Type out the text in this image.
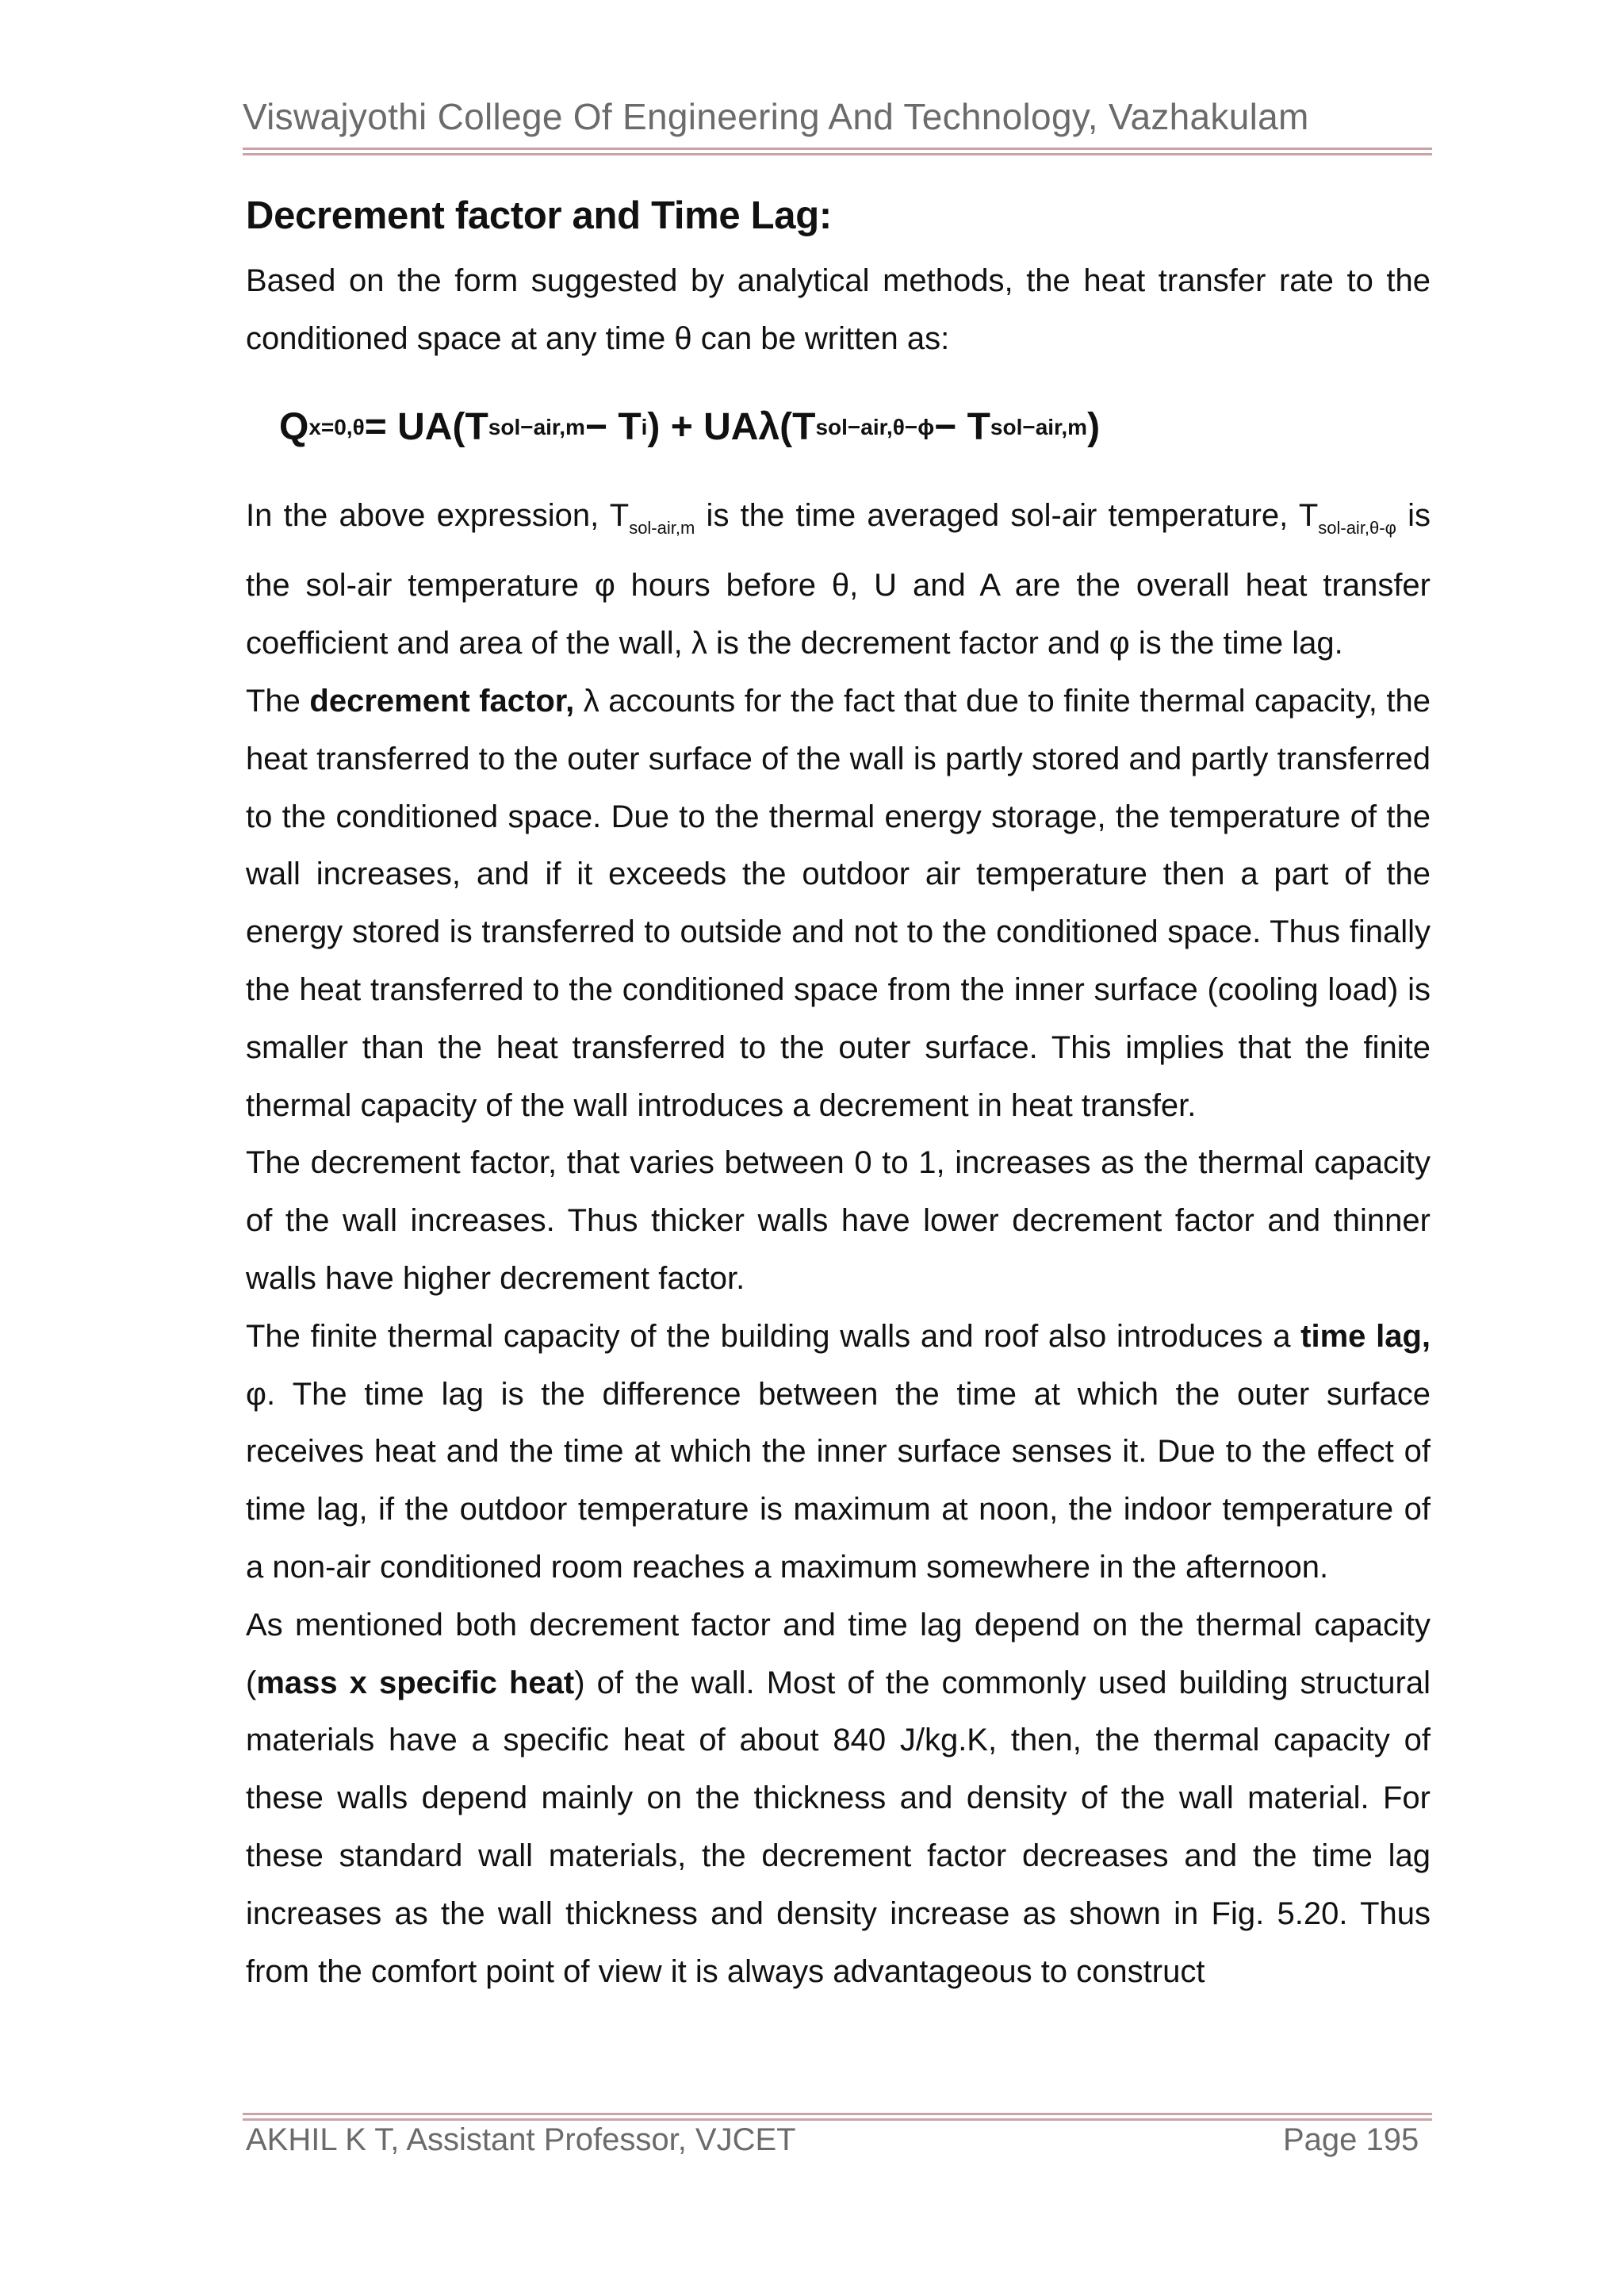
Viswajyothi College Of Engineering And Technology, Vazhakulam
Decrement factor and Time Lag:

Based on the form suggested by analytical methods, the heat transfer rate to the conditioned space at any time θ can be written as:

Q x=0,θ = UA(T sol−air,m − T i ) + UAλ(T sol−air,θ−ϕ − T sol−air,m )

In the above expression, $T_{sol-air,m}$ is the time averaged sol-air temperature, $T_{sol-air,\theta-\varphi}$ is the sol-air temperature φ hours before θ, U and A are the overall heat transfer coefficient and area of the wall, λ is the decrement factor and φ is the time lag.

The decrement factor, λ accounts for the fact that due to finite thermal capacity, the heat transferred to the outer surface of the wall is partly stored and partly transferred to the conditioned space. Due to the thermal energy storage, the temperature of the wall increases, and if it exceeds the outdoor air temperature then a part of the energy stored is transferred to outside and not to the conditioned space. Thus finally the heat transferred to the conditioned space from the inner surface (cooling load) is smaller than the heat transferred to the outer surface. This implies that the finite thermal capacity of the wall introduces a decrement in heat transfer.

The decrement factor, that varies between 0 to 1, increases as the thermal capacity of the wall increases. Thus thicker walls have lower decrement factor and thinner walls have higher decrement factor.

The finite thermal capacity of the building walls and roof also introduces a time lag, φ. The time lag is the difference between the time at which the outer surface receives heat and the time at which the inner surface senses it. Due to the effect of time lag, if the outdoor temperature is maximum at noon, the indoor temperature of a non-air conditioned room reaches a maximum somewhere in the afternoon.

As mentioned both decrement factor and time lag depend on the thermal capacity (mass x specific heat) of the wall. Most of the commonly used building structural materials have a specific heat of about 840 J/kg.K, then, the thermal capacity of these walls depend mainly on the thickness and density of the wall material. For these standard wall materials, the decrement factor decreases and the time lag increases as the wall thickness and density increase as shown in Fig. 5.20. Thus from the comfort point of view it is always advantageous to construct

AKHIL K T, Assistant Professor, VJCET	Page 195
